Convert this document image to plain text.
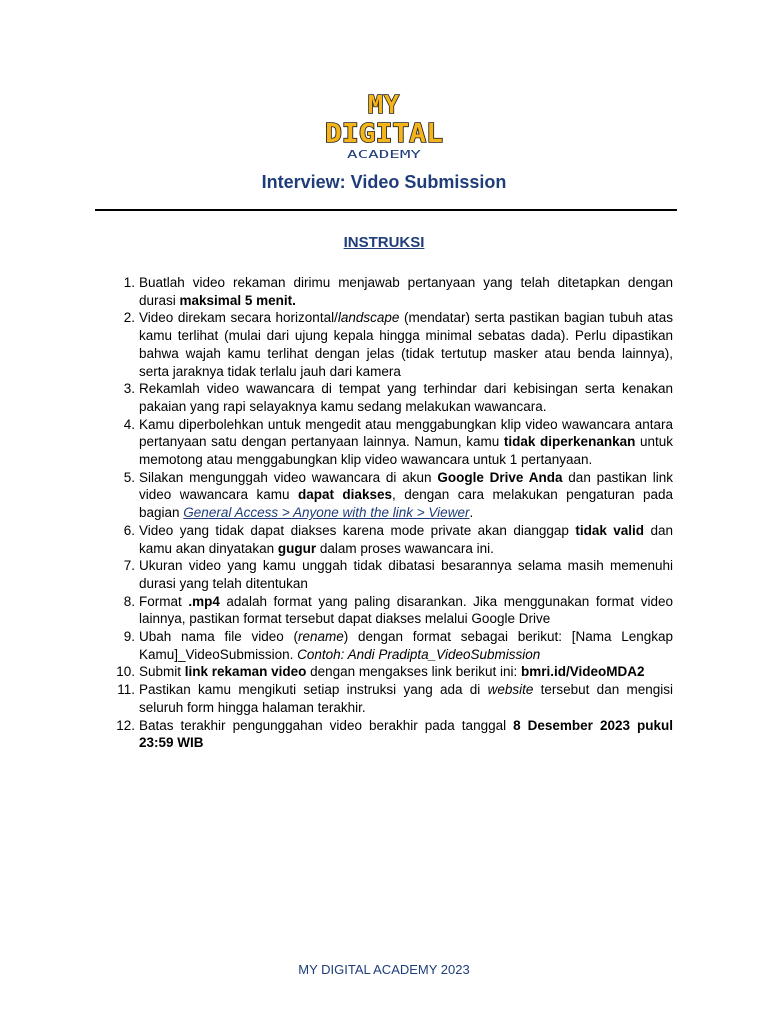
MY
DIGITAL
ACADEMY
Interview: Video Submission
INSTRUKSI
1. Buatlah video rekaman dirimu menjawab pertanyaan yang telah ditetapkan dengan durasi maksimal 5 menit.
2. Video direkam secara horizontal/landscape (mendatar) serta pastikan bagian tubuh atas kamu terlihat (mulai dari ujung kepala hingga minimal sebatas dada). Perlu dipastikan bahwa wajah kamu terlihat dengan jelas (tidak tertutup masker atau benda lainnya), serta jaraknya tidak terlalu jauh dari kamera
3. Rekamlah video wawancara di tempat yang terhindar dari kebisingan serta kenakan pakaian yang rapi selayaknya kamu sedang melakukan wawancara.
4. Kamu diperbolehkan untuk mengedit atau menggabungkan klip video wawancara antara pertanyaan satu dengan pertanyaan lainnya. Namun, kamu tidak diperkenankan untuk memotong atau menggabungkan klip video wawancara untuk 1 pertanyaan.
5. Silakan mengunggah video wawancara di akun Google Drive Anda dan pastikan link video wawancara kamu dapat diakses, dengan cara melakukan pengaturan pada bagian General Access > Anyone with the link > Viewer.
6. Video yang tidak dapat diakses karena mode private akan dianggap tidak valid dan kamu akan dinyatakan gugur dalam proses wawancara ini.
7. Ukuran video yang kamu unggah tidak dibatasi besarannya selama masih memenuhi durasi yang telah ditentukan
8. Format .mp4 adalah format yang paling disarankan. Jika menggunakan format video lainnya, pastikan format tersebut dapat diakses melalui Google Drive
9. Ubah nama file video (rename) dengan format sebagai berikut: [Nama Lengkap Kamu]_VideoSubmission. Contoh: Andi Pradipta_VideoSubmission
10. Submit link rekaman video dengan mengakses link berikut ini: bmri.id/VideoMDA2
11. Pastikan kamu mengikuti setiap instruksi yang ada di website tersebut dan mengisi seluruh form hingga halaman terakhir.
12. Batas terakhir pengunggahan video berakhir pada tanggal 8 Desember 2023 pukul 23:59 WIB
MY DIGITAL ACADEMY 2023
